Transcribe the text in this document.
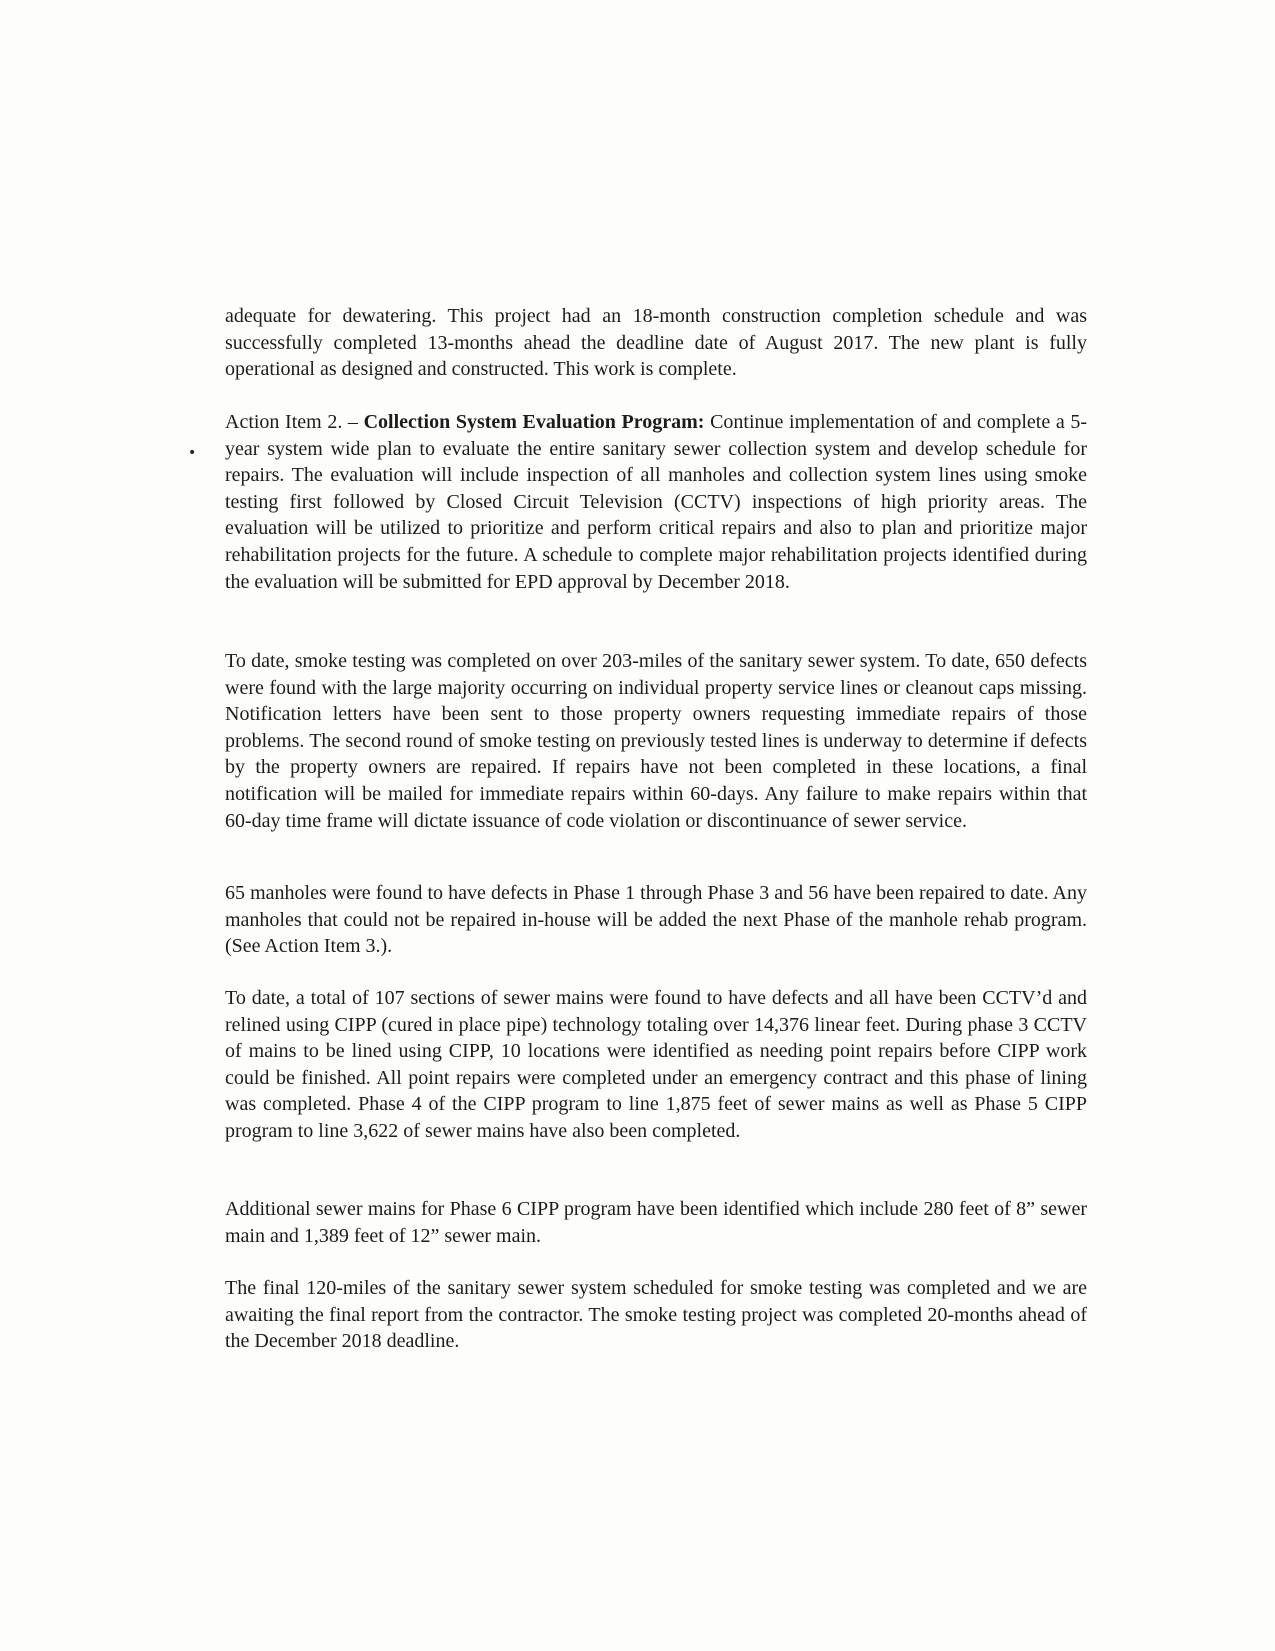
adequate for dewatering. This project had an 18-month construction completion schedule and was successfully completed 13-months ahead the deadline date of August 2017. The new plant is fully operational as designed and constructed. This work is complete.

•

Action Item 2. – Collection System Evaluation Program: Continue implementation of and complete a 5-year system wide plan to evaluate the entire sanitary sewer collection system and develop schedule for repairs. The evaluation will include inspection of all manholes and collection system lines using smoke testing first followed by Closed Circuit Television (CCTV) inspections of high priority areas. The evaluation will be utilized to prioritize and perform critical repairs and also to plan and prioritize major rehabilitation projects for the future. A schedule to complete major rehabilitation projects identified during the evaluation will be submitted for EPD approval by December 2018.

To date, smoke testing was completed on over 203-miles of the sanitary sewer system. To date, 650 defects were found with the large majority occurring on individual property service lines or cleanout caps missing. Notification letters have been sent to those property owners requesting immediate repairs of those problems. The second round of smoke testing on previously tested lines is underway to determine if defects by the property owners are repaired. If repairs have not been completed in these locations, a final notification will be mailed for immediate repairs within 60-days. Any failure to make repairs within that 60-day time frame will dictate issuance of code violation or discontinuance of sewer service.

65 manholes were found to have defects in Phase 1 through Phase 3 and 56 have been repaired to date. Any manholes that could not be repaired in-house will be added the next Phase of the manhole rehab program. (See Action Item 3.).

To date, a total of 107 sections of sewer mains were found to have defects and all have been CCTV’d and relined using CIPP (cured in place pipe) technology totaling over 14,376 linear feet. During phase 3 CCTV of mains to be lined using CIPP, 10 locations were identified as needing point repairs before CIPP work could be finished. All point repairs were completed under an emergency contract and this phase of lining was completed. Phase 4 of the CIPP program to line 1,875 feet of sewer mains as well as Phase 5 CIPP program to line 3,622 of sewer mains have also been completed.

Additional sewer mains for Phase 6 CIPP program have been identified which include 280 feet of 8” sewer main and 1,389 feet of 12” sewer main.

The final 120-miles of the sanitary sewer system scheduled for smoke testing was completed and we are awaiting the final report from the contractor. The smoke testing project was completed 20-months ahead of the December 2018 deadline.
